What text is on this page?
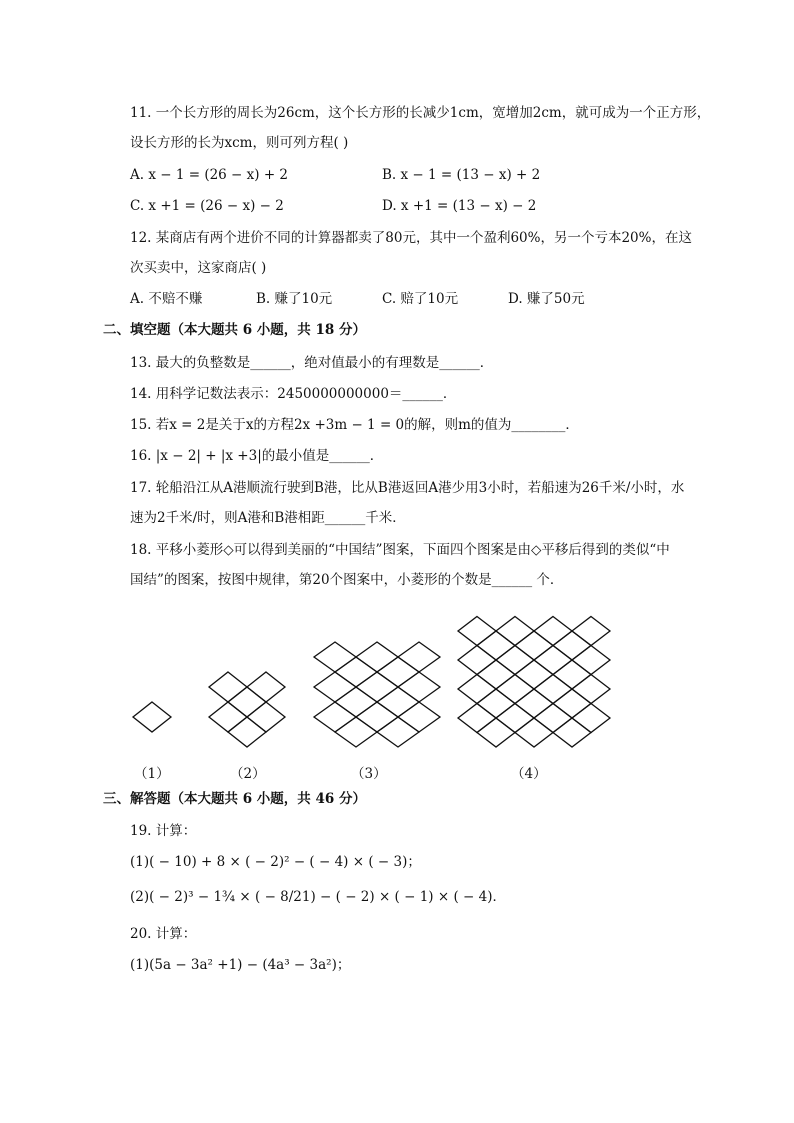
11. 一个长方形的周长为26cm，这个长方形的长减少1cm，宽增加2cm，就可成为一个正方形，
设长方形的长为xcm，则可列方程( )
A. x − 1 = (26 − x) + 2	B. x − 1 = (13 − x) + 2
C. x +1 = (26 − x) − 2	D. x +1 = (13 − x) − 2
12. 某商店有两个进价不同的计算器都卖了80元，其中一个盈利60%，另一个亏本20%，在这
次买卖中，这家商店( )
A. 不赔不赚	B. 赚了10元	C. 赔了10元	D. 赚了50元
二、填空题（本大题共 6 小题，共 18 分）
13. 最大的负整数是______，绝对值最小的有理数是______．
14. 用科学记数法表示：2450000000000＝______．
15. 若x = 2是关于x的方程2x +3m − 1 = 0的解，则m的值为________．
16. |x − 2| + |x +3|的最小值是______．
17. 轮船沿江从A港顺流行驶到B港，比从B港返回A港少用3小时，若船速为26千米/小时，水
速为2千米/时，则A港和B港相距______千米．
18. 平移小菱形◇可以得到美丽的“中国结”图案，下面四个图案是由◇平移后得到的类似“中
国结”的图案，按图中规律，第20个图案中，小菱形的个数是______ 个．
（1）	（2）	（3）	（4）
三、解答题（本大题共 6 小题，共 46 分）
19. 计算：
(1)( − 10) + 8 × ( − 2)² − ( − 4) × ( − 3)；
(2)( − 2)³ − 1¾ × ( − 8/21) − ( − 2) × ( − 1) × ( − 4)．
20. 计算：
(1)(5a − 3a² +1) − (4a³ − 3a²)；
